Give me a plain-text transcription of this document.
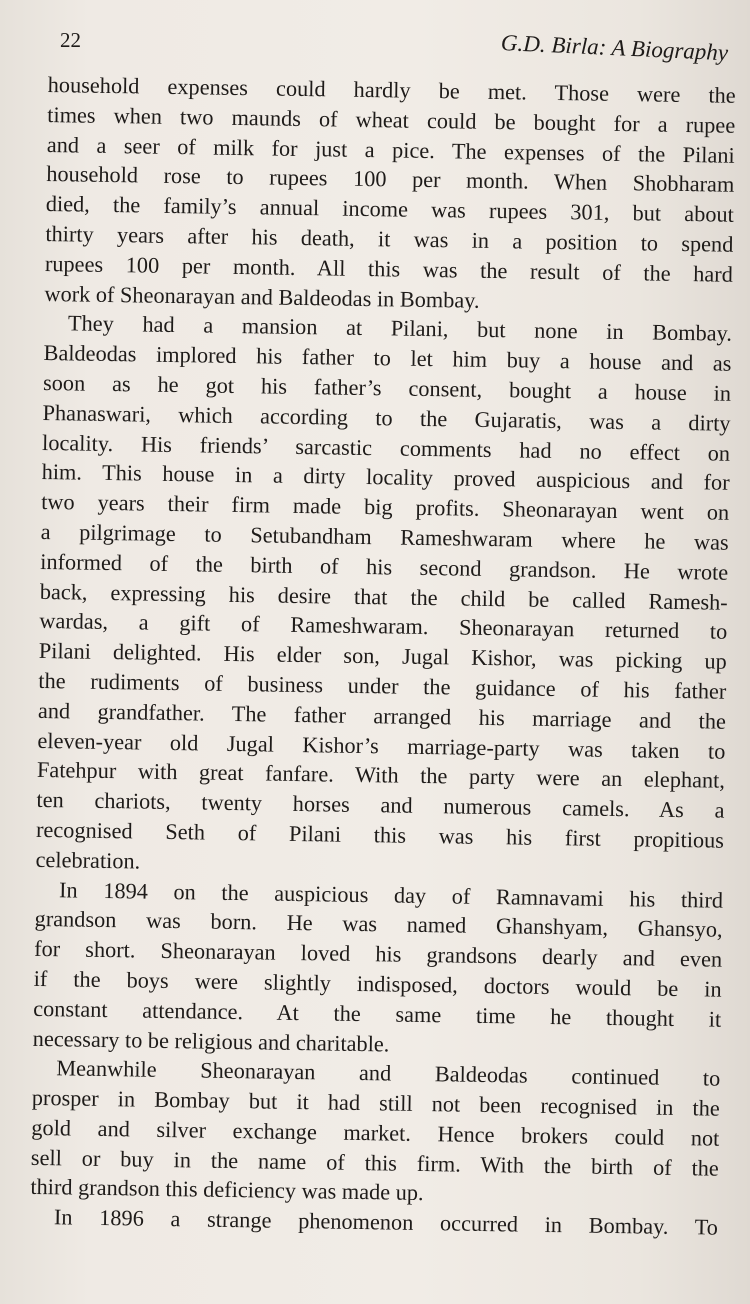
22	G.D. Birla: A Biography
household expenses could hardly be met. Those were the
times when two maunds of wheat could be bought for a rupee
and a seer of milk for just a pice. The expenses of the Pilani
household rose to rupees 100 per month. When Shobharam
died, the family’s annual income was rupees 301, but about
thirty years after his death, it was in a position to spend
rupees 100 per month. All this was the result of the hard
work of Sheonarayan and Baldeodas in Bombay.
They had a mansion at Pilani, but none in Bombay.
Baldeodas implored his father to let him buy a house and as
soon as he got his father’s consent, bought a house in
Phanaswari, which according to the Gujaratis, was a dirty
locality. His friends’ sarcastic comments had no effect on
him. This house in a dirty locality proved auspicious and for
two years their firm made big profits. Sheonarayan went on
a pilgrimage to Setubandham Rameshwaram where he was
informed of the birth of his second grandson. He wrote
back, expressing his desire that the child be called Ramesh-
wardas, a gift of Rameshwaram. Sheonarayan returned to
Pilani delighted. His elder son, Jugal Kishor, was picking up
the rudiments of business under the guidance of his father
and grandfather. The father arranged his marriage and the
eleven-year old Jugal Kishor’s marriage-party was taken to
Fatehpur with great fanfare. With the party were an elephant,
ten chariots, twenty horses and numerous camels. As a
recognised Seth of Pilani this was his first propitious
celebration.
In 1894 on the auspicious day of Ramnavami his third
grandson was born. He was named Ghanshyam, Ghansyo,
for short. Sheonarayan loved his grandsons dearly and even
if the boys were slightly indisposed, doctors would be in
constant attendance. At the same time he thought it
necessary to be religious and charitable.
Meanwhile Sheonarayan and Baldeodas continued to
prosper in Bombay but it had still not been recognised in the
gold and silver exchange market. Hence brokers could not
sell or buy in the name of this firm. With the birth of the
third grandson this deficiency was made up.
In 1896 a strange phenomenon occurred in Bombay. To
